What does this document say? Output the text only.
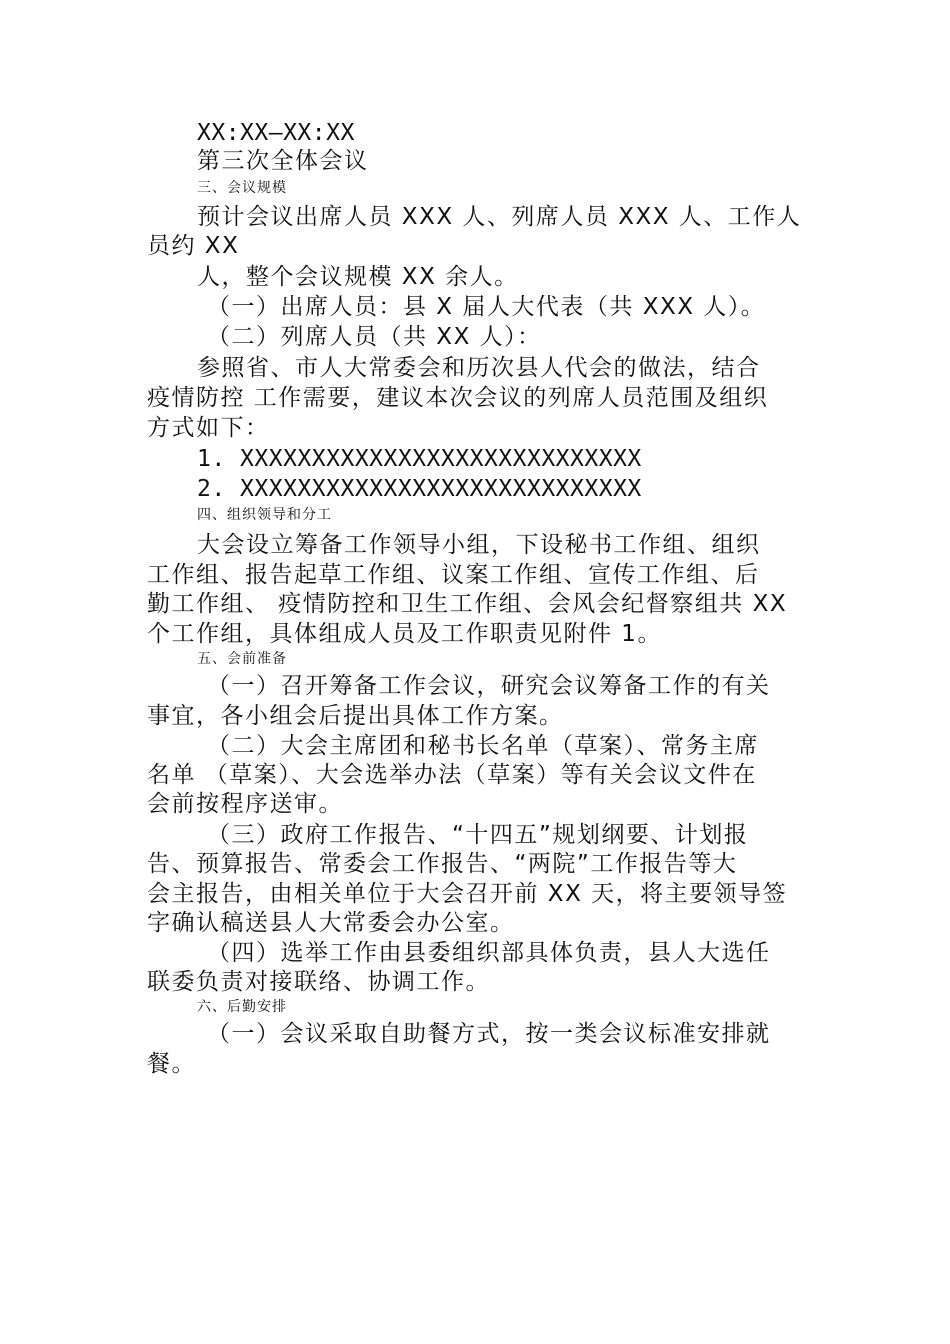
XX:XX—XX:XX
第三次全体会议
三、会议规模
预计会议出席人员 XXX 人、列席人员 XXX 人、工作人
员约 XX
人，整个会议规模 XX 余人。
（一）出席人员：县 X 届人大代表（共 XXX 人）。
（二）列席人员（共 XX 人）：
参照省、市人大常委会和历次县人代会的做法，结合
疫情防控 工作需要，建议本次会议的列席人员范围及组织
方式如下：
1. XXXXXXXXXXXXXXXXXXXXXXXXXXXX
2. XXXXXXXXXXXXXXXXXXXXXXXXXXXX
四、组织领导和分工
大会设立筹备工作领导小组，下设秘书工作组、组织
工作组、报告起草工作组、议案工作组、宣传工作组、后
勤工作组、 疫情防控和卫生工作组、会风会纪督察组共 XX
个工作组，具体组成人员及工作职责见附件 1。
五、会前准备
（一）召开筹备工作会议，研究会议筹备工作的有关
事宜，各小组会后提出具体工作方案。
（二）大会主席团和秘书长名单（草案）、常务主席
名单 （草案）、大会选举办法（草案）等有关会议文件在
会前按程序送审。
（三）政府工作报告、“十四五”规划纲要、计划报
告、预算报告、常委会工作报告、“两院”工作报告等大
会主报告，由相关单位于大会召开前 XX 天，将主要领导签
字确认稿送县人大常委会办公室。
（四）选举工作由县委组织部具体负责，县人大选任
联委负责对接联络、协调工作。
六、后勤安排
（一）会议采取自助餐方式，按一类会议标准安排就
餐。
